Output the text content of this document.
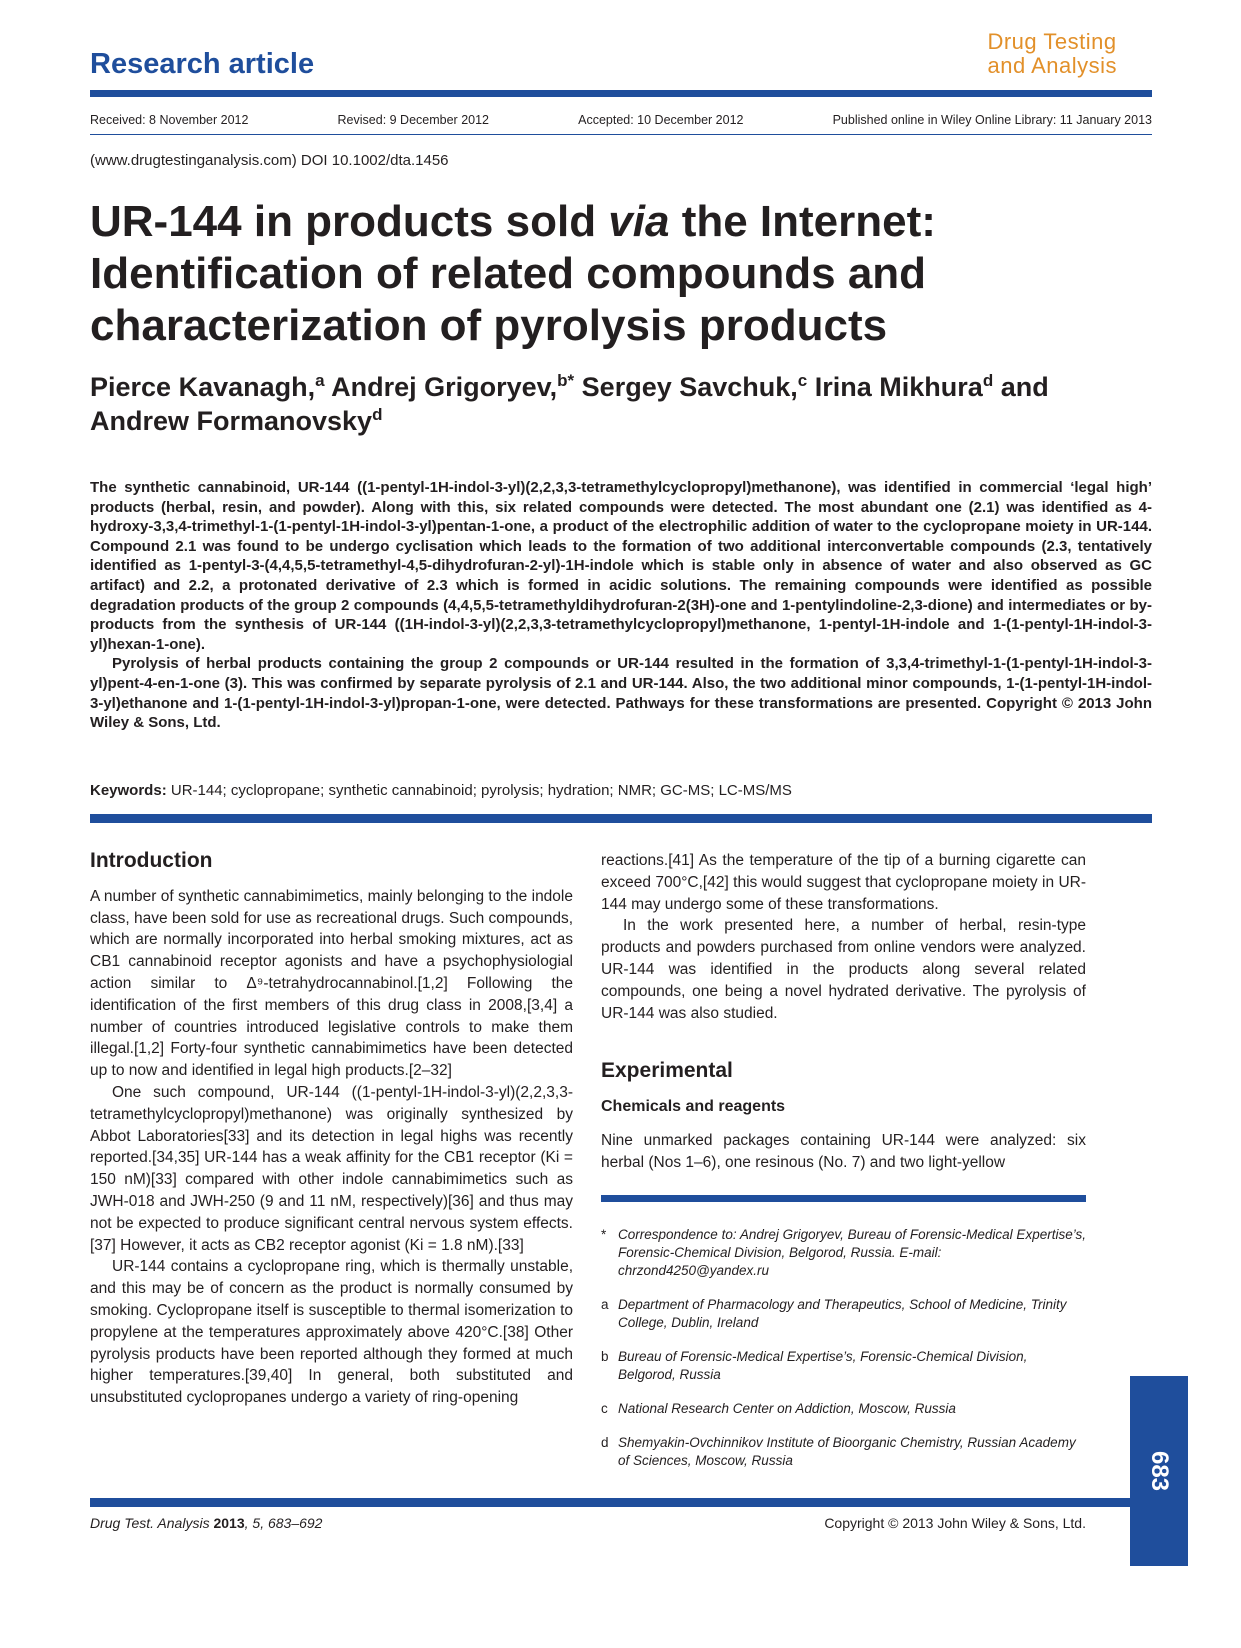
Research article
Drug Testing
and Analysis
Received: 8 November 2012	Revised: 9 December 2012	Accepted: 10 December 2012	Published online in Wiley Online Library: 11 January 2013
(www.drugtestinganalysis.com) DOI 10.1002/dta.1456
UR-144 in products sold via the Internet: Identification of related compounds and characterization of pyrolysis products

Pierce Kavanagh,$^a$ Andrej Grigoryev,$^{b*}$ Sergey Savchuk,$^c$ Irina Mikhura$^d$ and Andrew Formanovsky$^d$

The synthetic cannabinoid, UR-144 ((1-pentyl-1H-indol-3-yl)(2,2,3,3-tetramethylcyclopropyl)methanone), was identified in commercial ‘legal high’ products (herbal, resin, and powder). Along with this, six related compounds were detected. The most abundant one (2.1) was identified as 4-hydroxy-3,3,4-trimethyl-1-(1-pentyl-1H-indol-3-yl)pentan-1-one, a product of the electrophilic addition of water to the cyclopropane moiety in UR-144. Compound 2.1 was found to be undergo cyclisation which leads to the formation of two additional interconvertable compounds (2.3, tentatively identified as 1-pentyl-3-(4,4,5,5-tetramethyl-4,5-dihydrofuran-2-yl)-1H-indole which is stable only in absence of water and also observed as GC artifact) and 2.2, a protonated derivative of 2.3 which is formed in acidic solutions. The remaining compounds were identified as possible degradation products of the group 2 compounds (4,4,5,5-tetramethyldihydrofuran-2(3H)-one and 1-pentylindoline-2,3-dione) and intermediates or by-products from the synthesis of UR-144 ((1H-indol-3-yl)(2,2,3,3-tetramethylcyclopropyl)methanone, 1-pentyl-1H-indole and 1-(1-pentyl-1H-indol-3-yl)hexan-1-one).

Pyrolysis of herbal products containing the group 2 compounds or UR-144 resulted in the formation of 3,3,4-trimethyl-1-(1-pentyl-1H-indol-3-yl)pent-4-en-1-one (3). This was confirmed by separate pyrolysis of 2.1 and UR-144. Also, the two additional minor compounds, 1-(1-pentyl-1H-indol-3-yl)ethanone and 1-(1-pentyl-1H-indol-3-yl)propan-1-one, were detected. Pathways for these transformations are presented. Copyright © 2013 John Wiley & Sons, Ltd.

Keywords: UR-144; cyclopropane; synthetic cannabinoid; pyrolysis; hydration; NMR; GC-MS; LC-MS/MS
Introduction

A number of synthetic cannabimimetics, mainly belonging to the indole class, have been sold for use as recreational drugs. Such compounds, which are normally incorporated into herbal smoking mixtures, act as CB1 cannabinoid receptor agonists and have a psychophysiologial action similar to Δ⁹-tetrahydrocannabinol.[1,2] Following the identification of the first members of this drug class in 2008,[3,4] a number of countries introduced legislative controls to make them illegal.[1,2] Forty-four synthetic cannabimimetics have been detected up to now and identified in legal high products.[2–32]

One such compound, UR-144 ((1-pentyl-1H-indol-3-yl)(2,2,3,3-tetramethylcyclopropyl)methanone) was originally synthesized by Abbot Laboratories[33] and its detection in legal highs was recently reported.[34,35] UR-144 has a weak affinity for the CB1 receptor (Ki = 150 nM)[33] compared with other indole cannabimimetics such as JWH-018 and JWH-250 (9 and 11 nM, respectively)[36] and thus may not be expected to produce significant central nervous system effects.[37] However, it acts as CB2 receptor agonist (Ki = 1.8 nM).[33]

UR-144 contains a cyclopropane ring, which is thermally unstable, and this may be of concern as the product is normally consumed by smoking. Cyclopropane itself is susceptible to thermal isomerization to propylene at the temperatures approximately above 420°C.[38] Other pyrolysis products have been reported although they formed at much higher temperatures.[39,40] In general, both substituted and unsubstituted cyclopropanes undergo a variety of ring-opening

reactions.[41] As the temperature of the tip of a burning cigarette can exceed 700°C,[42] this would suggest that cyclopropane moiety in UR-144 may undergo some of these transformations.

In the work presented here, a number of herbal, resin-type products and powders purchased from online vendors were analyzed. UR-144 was identified in the products along several related compounds, one being a novel hydrated derivative. The pyrolysis of UR-144 was also studied.

Experimental
Chemicals and reagents

Nine unmarked packages containing UR-144 were analyzed: six herbal (Nos 1–6), one resinous (No. 7) and two light-yellow

* Correspondence to: Andrej Grigoryev, Bureau of Forensic-Medical Expertise’s, Forensic-Chemical Division, Belgorod, Russia. E-mail: chrzond4250@yandex.ru
a Department of Pharmacology and Therapeutics, School of Medicine, Trinity College, Dublin, Ireland
b Bureau of Forensic-Medical Expertise’s, Forensic-Chemical Division, Belgorod, Russia
c National Research Center on Addiction, Moscow, Russia
d Shemyakin-Ovchinnikov Institute of Bioorganic Chemistry, Russian Academy of Sciences, Moscow, Russia	683
Drug Test. Analysis 2013, 5, 683–692	Copyright © 2013 John Wiley & Sons, Ltd.
